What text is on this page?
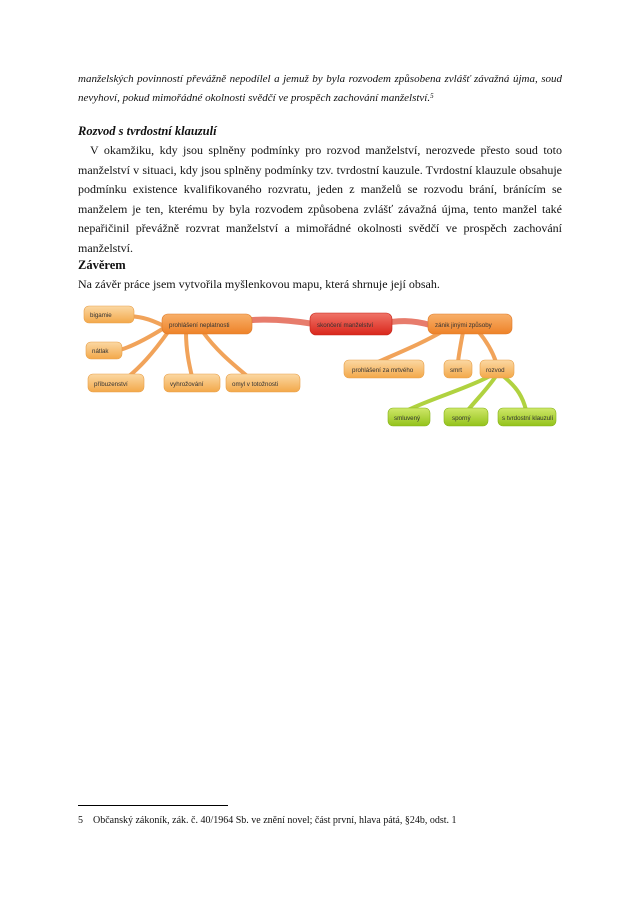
manželských povinností převážně nepodílel a jemuž by byla rozvodem způsobena zvlášť závažná újma, soud nevyhoví, pokud mimořádné okolnosti svědčí ve prospěch zachování manželství.$^5$
Rozvod s tvrdostní klauzulí
V okamžiku, kdy jsou splněny podmínky pro rozvod manželství, nerozvede přesto soud toto manželství v situaci, kdy jsou splněny podmínky tzv. tvrdostní kauzule. Tvrdostní klauzule obsahuje podmínku existence kvalifikovaného rozvratu, jeden z manželů se rozvodu brání, bránícím se manželem je ten, kterému by byla rozvodem způsobena zvlášť závažná újma, tento manžel také nepařičinil převážně rozvrat manželství a mimořádné okolnosti svědčí ve prospěch zachování manželství.
Závěrem
Na závěr práce jsem vytvořila myšlenkovou mapu, která shrnuje její obsah.
bigamie
nátlak
příbuzenství	vyhrožování	omyl v totožnosti
prohlášení neplatnosti	skončení manželství	zánik jinými způsoby
prohlášení za mrtvého	smrt	rozvod
smluvený	sporný	s tvrdostní klauzulí
5 Občanský zákoník, zák. č. 40/1964 Sb. ve znění novel; část první, hlava pátá, §24b, odst. 1
